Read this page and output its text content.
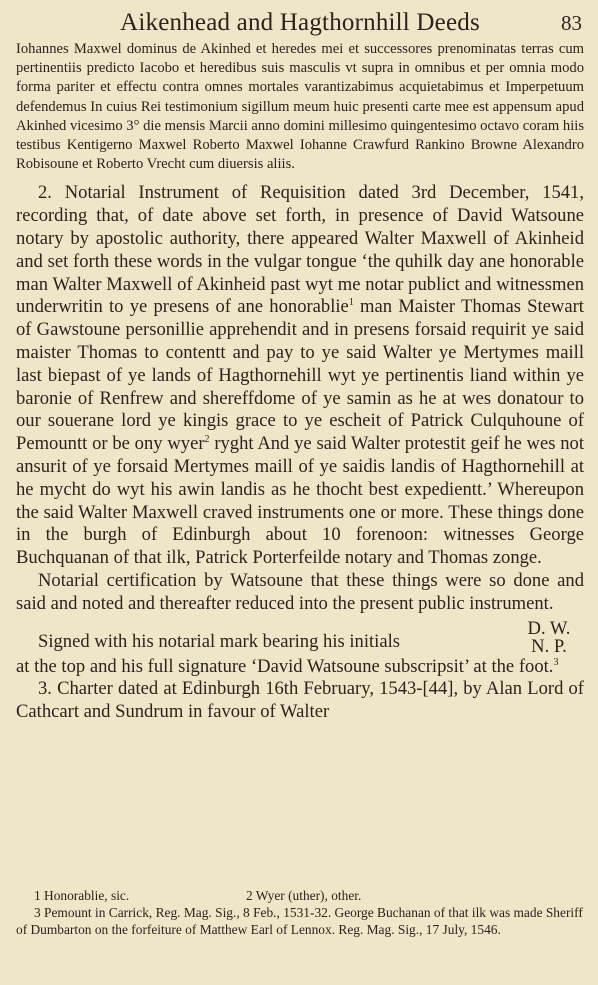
Aikenhead and Hagthornhill Deeds	83

Iohannes Maxwel dominus de Akinhed et heredes mei et successores prenominatas terras cum pertinentiis predicto Iacobo et heredibus suis masculis vt supra in omnibus et per omnia modo forma pariter et effectu contra omnes mortales varantizabimus acquietabimus et Imperpetuum defendemus In cuius Rei testimonium sigillum meum huic presenti carte mee est appensum apud Akinhed vicesimo 3° die mensis Marcii anno domini millesimo quingentesimo octavo coram hiis testibus Kentigerno Maxwel Roberto Maxwel Iohanne Crawfurd Rankino Browne Alexandro Robisoune et Roberto Vrecht cum diuersis aliis.

2. Notarial Instrument of Requisition dated 3rd December, 1541, recording that, of date above set forth, in presence of David Watsoune notary by apostolic authority, there appeared Walter Maxwell of Akinheid and set forth these words in the vulgar tongue ‘the quhilk day ane honorable man Walter Maxwell of Akinheid past wyt me notar publict and witnessmen underwritin to ye presens of ane honorablie$^1$ man Maister Thomas Stewart of Gawstoune personillie apprehendit and in presens forsaid requirit ye said maister Thomas to contentt and pay to ye said Walter ye Mertymes maill last biepast of ye lands of Hagthornehill wyt ye pertinentis liand within ye baronie of Renfrew and shereffdome of ye samin as he at wes donatour to our souerane lord ye kingis grace to ye escheit of Patrick Culquhoune of Pemountt or be ony wyer$^2$ ryght And ye said Walter protestit geif he wes not ansurit of ye forsaid Mertymes maill of ye saidis landis of Hagthornehill at he mycht do wyt his awin landis as he thocht best expedientt.’ Whereupon the said Walter Maxwell craved instruments one or more. These things done in the burgh of Edinburgh about 10 forenoon: witnesses George Buchquanan of that ilk, Patrick Porterfeilde notary and Thomas zonge.

Notarial certification by Watsoune that these things were so done and said and noted and thereafter reduced into the present public instrument.

Signed with his notarial mark bearing his initials
D. W.
N. P.

at the top and his full signature ‘David Watsoune subscripsit’ at the foot.$^3$

3. Charter dated at Edinburgh 16th February, 1543-[44], by Alan Lord of Cathcart and Sundrum in favour of Walter

1 Honorablie, sic.	2 Wyer (uther), other.

3 Pemount in Carrick, Reg. Mag. Sig., 8 Feb., 1531-32. George Buchanan of that ilk was made Sheriff of Dumbarton on the forfeiture of Matthew Earl of Lennox. Reg. Mag. Sig., 17 July, 1546.
